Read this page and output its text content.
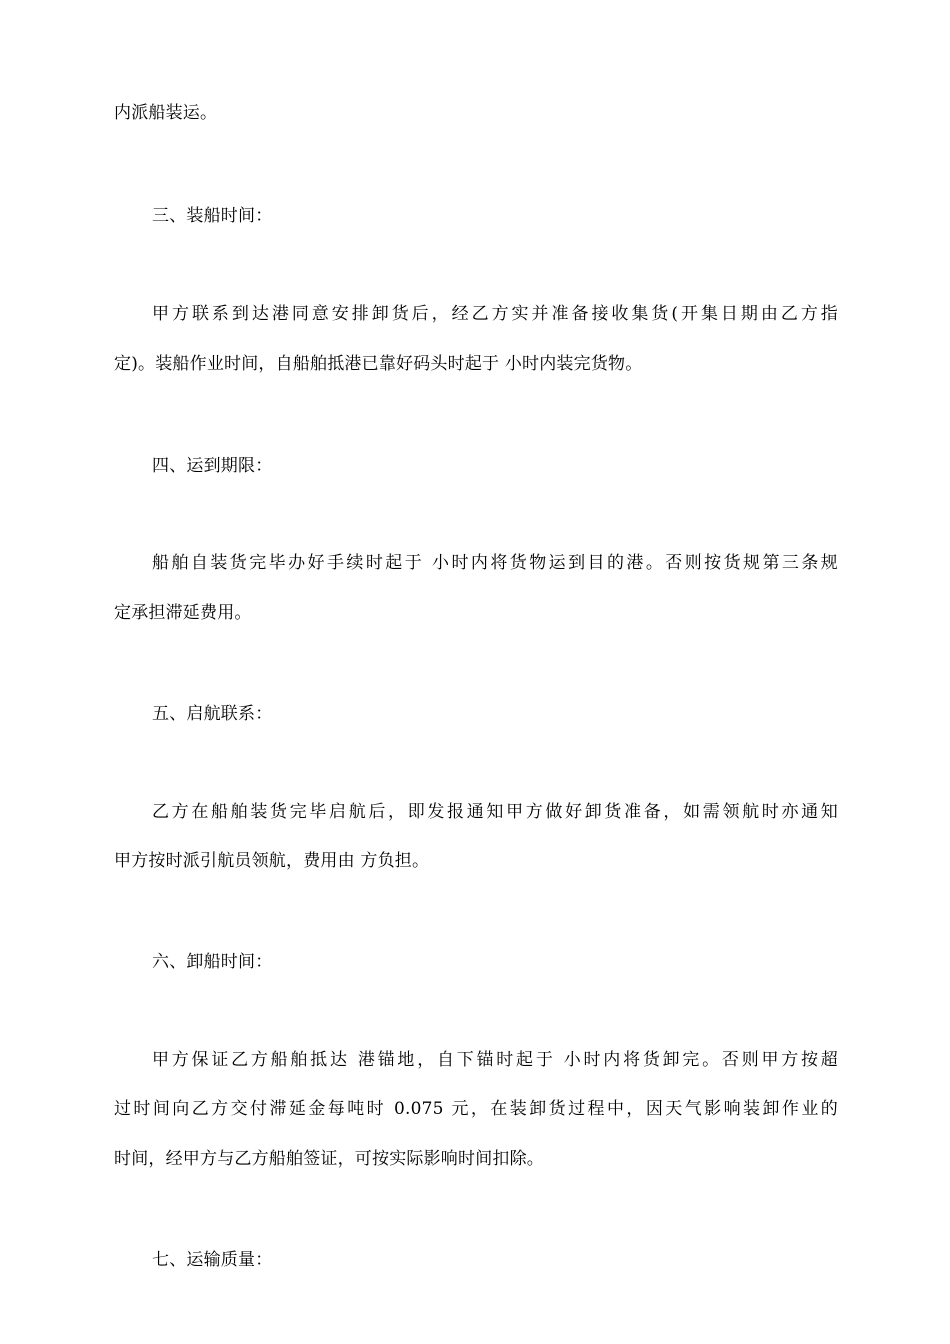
内派船装运。
三、装船时间：
甲方联系到达港同意安排卸货后，经乙方实并准备接收集货(开集日期由乙方指
定)。装船作业时间，自船舶抵港已靠好码头时起于 小时内装完货物。
四、运到期限：
船舶自装货完毕办好手续时起于 小时内将货物运到目的港。否则按货规第三条规
定承担滞延费用。
五、启航联系：
乙方在船舶装货完毕启航后，即发报通知甲方做好卸货准备，如需领航时亦通知
甲方按时派引航员领航，费用由 方负担。
六、卸船时间：
甲方保证乙方船舶抵达 港锚地，自下锚时起于 小时内将货卸完。否则甲方按超
过时间向乙方交付滞延金每吨时 0.075 元，在装卸货过程中，因天气影响装卸作业的
时间，经甲方与乙方船舶签证，可按实际影响时间扣除。
七、运输质量：
